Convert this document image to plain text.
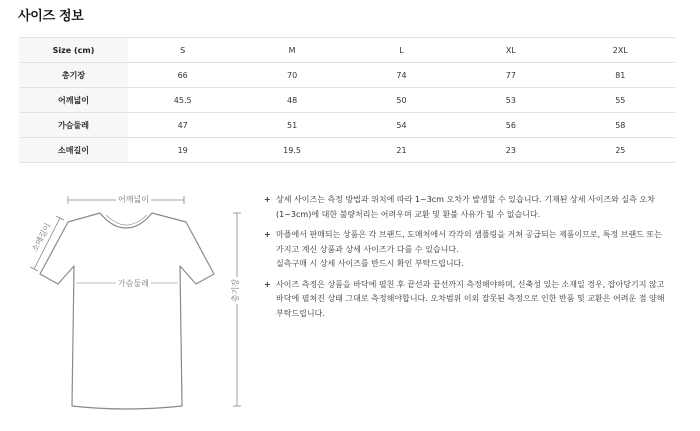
사이즈 정보
Size (cm)	S	M	L	XL	2XL
총기장	66	70	74	77	81
어깨넓이	45.5	48	50	53	55
가슴둘레	47	51	54	56	58
소매길이	19	19.5	21	23	25
어깨넓이
가슴둘레	총기장
소매길이
+ 상세 사이즈는 측정 방법과 위치에 따라 1~3cm 오차가 발생할 수 있습니다. 기재된 상세 사이즈와 실측 오차
(1~3cm)에 대한 불량처리는 어려우며 교환 및 환불 사유가 될 수 없습니다.
+ 마플에서 판매되는 상품은 각 브랜드, 도매처에서 각각의 샘플링을 거쳐 공급되는 제품이므로, 특정 브랜드 또는
가지고 계신 상품과 상세 사이즈가 다를 수 있습니다.
실측구매 시 상세 사이즈를 반드시 확인 부탁드립니다.
+ 사이즈 측정은 상품을 바닥에 펼친 후 끝선과 끝선까지 측정해야하며, 신축성 있는 소재일 경우, 잡아당기지 않고
바닥에 펼쳐진 상태 그대로 측정해야합니다. 오차범위 이외 잘못된 측정으로 인한 반품 및 교환은 어려운 점 양해
부탁드립니다.
